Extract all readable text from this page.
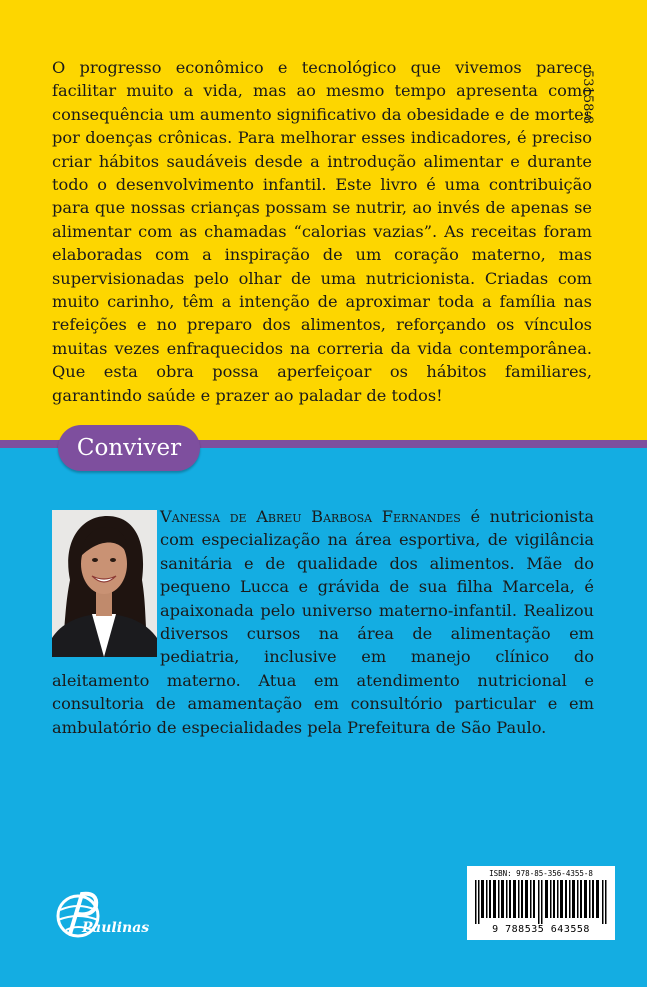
O progresso econômico e tecnológico que vivemos parece facilitar muito a vida, mas ao mesmo tempo apresenta como consequência um aumento significativo da obesidade e de mortes por doenças crônicas. Para melhorar esses indicadores, é preciso criar hábitos saudáveis desde a introdução alimentar e durante todo o desenvolvimento infantil. Este livro é uma contribuição para que nossas crianças possam se nutrir, ao invés de apenas se alimentar com as chamadas “calorias vazias”. As receitas foram elaboradas com a inspiração de um coração materno, mas supervisionadas pelo olhar de uma nutricionista. Criadas com muito carinho, têm a intenção de aproximar toda a família nas refeições e no preparo dos alimentos, reforçando os vínculos muitas vezes enfraquecidos na correria da vida contemporânea. Que esta obra possa aperfeiçoar os hábitos familiares, garantindo saúde e prazer ao paladar de todos!

53158-8
Conviver

Vanessa de Abreu Barbosa Fernandes é nutricionista com especialização na área esportiva, de vigilância sanitária e de qualidade dos alimentos. Mãe do pequeno Lucca e grávida de sua filha Marcela, é apaixonada pelo universo materno-infantil. Realizou diversos cursos na área de alimentação em pediatria, inclusive em manejo clínico do aleitamento materno. Atua em atendimento nutricional e consultoria de amamentação em consultório particular e em ambulatório de especialidades pela Prefeitura de São Paulo.

Paulinas
ISBN: 978-85-356-4355-8
9 788535 643558
